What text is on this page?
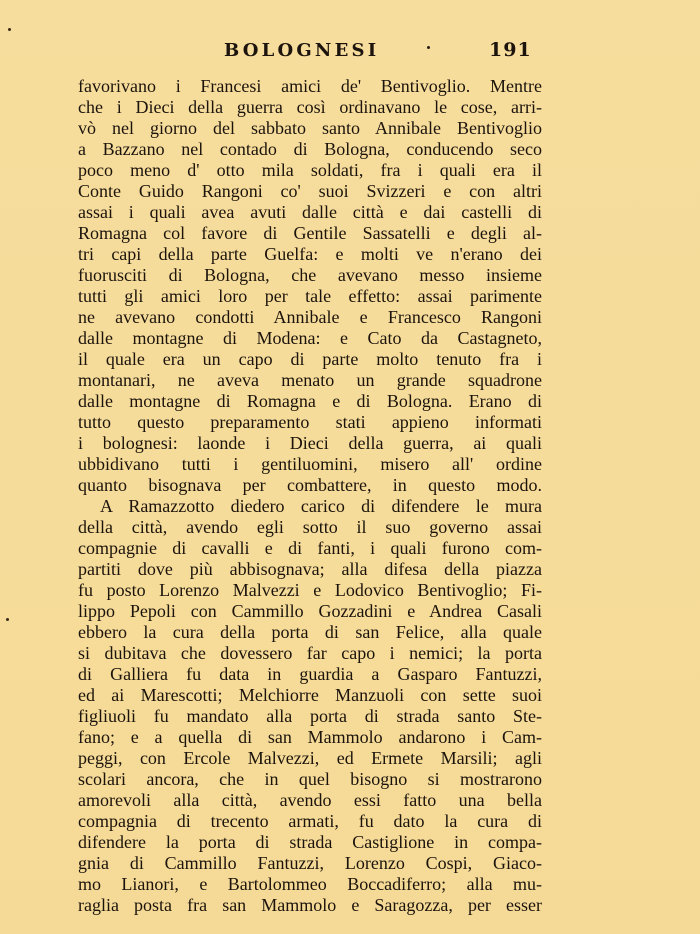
BOLOGNESI	191
favorivano i Francesi amici de' Bentivoglio. Mentre
che i Dieci della guerra così ordinavano le cose, arri-
vò nel giorno del sabbato santo Annibale Bentivoglio
a Bazzano nel contado di Bologna, conducendo seco
poco meno d' otto mila soldati, fra i quali era il
Conte Guido Rangoni co' suoi Svizzeri e con altri
assai i quali avea avuti dalle città e dai castelli di
Romagna col favore di Gentile Sassatelli e degli al-
tri capi della parte Guelfa: e molti ve n'erano dei
fuorusciti di Bologna, che avevano messo insieme
tutti gli amici loro per tale effetto: assai parimente
ne avevano condotti Annibale e Francesco Rangoni
dalle montagne di Modena: e Cato da Castagneto,
il quale era un capo di parte molto tenuto fra i
montanari, ne aveva menato un grande squadrone
dalle montagne di Romagna e di Bologna. Erano di
tutto questo preparamento stati appieno informati
i bolognesi: laonde i Dieci della guerra, ai quali
ubbidivano tutti i gentiluomini, misero all' ordine
quanto bisognava per combattere, in questo modo.
A Ramazzotto diedero carico di difendere le mura
della città, avendo egli sotto il suo governo assai
compagnie di cavalli e di fanti, i quali furono com-
partiti dove più abbisognava; alla difesa della piazza
fu posto Lorenzo Malvezzi e Lodovico Bentivoglio; Fi-
lippo Pepoli con Cammillo Gozzadini e Andrea Casali
ebbero la cura della porta di san Felice, alla quale
si dubitava che dovessero far capo i nemici; la porta
di Galliera fu data in guardia a Gasparo Fantuzzi,
ed ai Marescotti; Melchiorre Manzuoli con sette suoi
figliuoli fu mandato alla porta di strada santo Ste-
fano; e a quella di san Mammolo andarono i Cam-
peggi, con Ercole Malvezzi, ed Ermete Marsili; agli
scolari ancora, che in quel bisogno si mostrarono
amorevoli alla città, avendo essi fatto una bella
compagnia di trecento armati, fu dato la cura di
difendere la porta di strada Castiglione in compa-
gnia di Cammillo Fantuzzi, Lorenzo Cospi, Giaco-
mo Lianori, e Bartolommeo Boccadiferro; alla mu-
raglia posta fra san Mammolo e Saragozza, per esser
